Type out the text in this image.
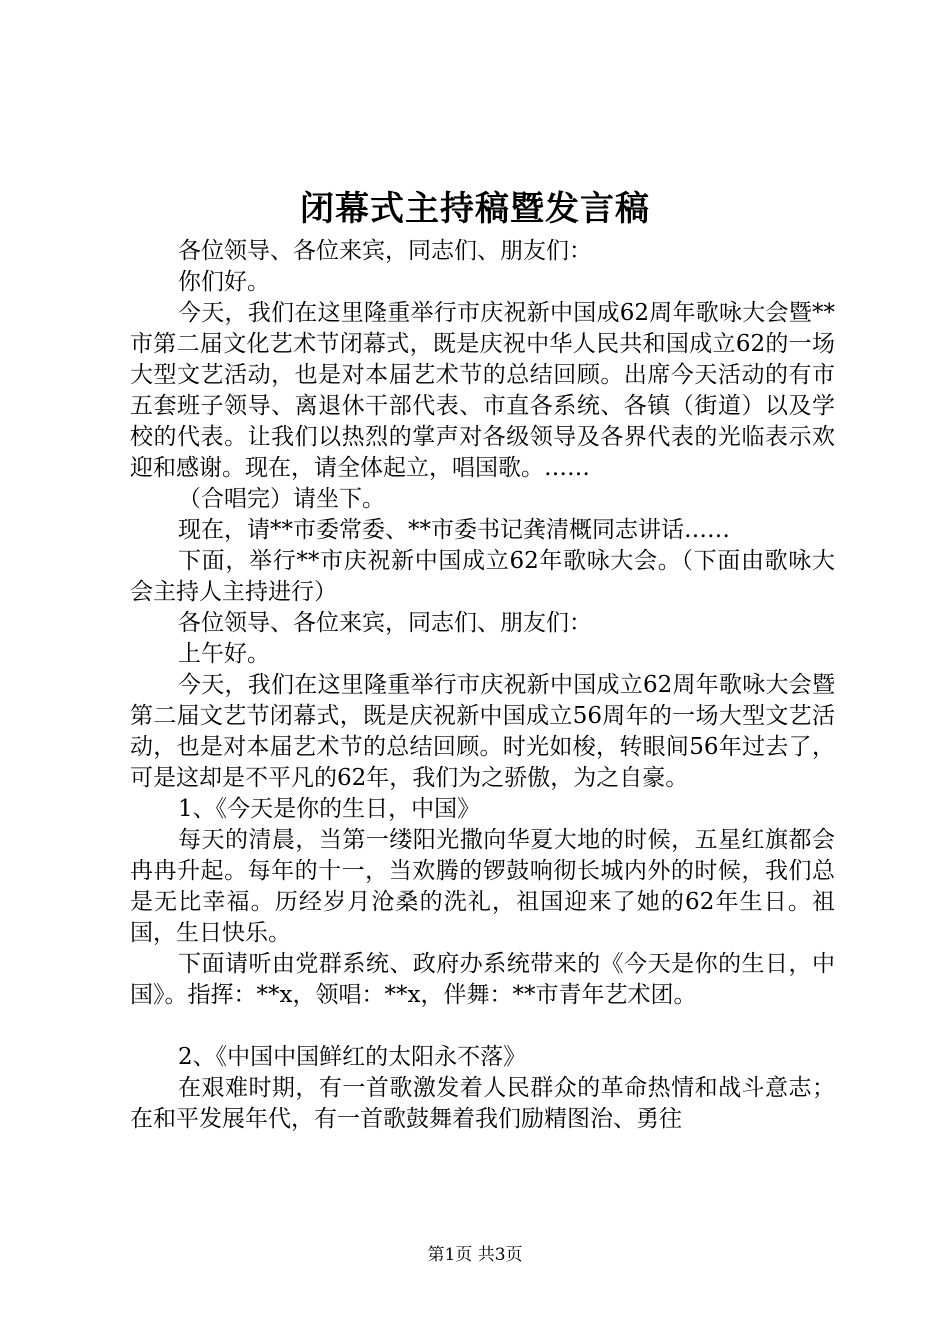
闭幕式主持稿暨发言稿

各位领导、各位来宾，同志们、朋友们：

你们好。

今天，我们在这里隆重举行市庆祝新中国成62周年歌咏大会暨**市第二届文化艺术节闭幕式，既是庆祝中华人民共和国成立62的一场大型文艺活动，也是对本届艺术节的总结回顾。出席今天活动的有市五套班子领导、离退休干部代表、市直各系统、各镇（街道）以及学校的代表。让我们以热烈的掌声对各级领导及各界代表的光临表示欢迎和感谢。现在，请全体起立，唱国歌。……

（合唱完）请坐下。

现在，请**市委常委、**市委书记龚清概同志讲话……

下面，举行**市庆祝新中国成立62年歌咏大会。（下面由歌咏大会主持人主持进行）

各位领导、各位来宾，同志们、朋友们：

上午好。

今天，我们在这里隆重举行市庆祝新中国成立62周年歌咏大会暨第二届文艺节闭幕式，既是庆祝新中国成立56周年的一场大型文艺活动，也是对本届艺术节的总结回顾。时光如梭，转眼间56年过去了，可是这却是不平凡的62年，我们为之骄傲，为之自豪。

1、《今天是你的生日，中国》

每天的清晨，当第一缕阳光撒向华夏大地的时候，五星红旗都会冉冉升起。每年的十一，当欢腾的锣鼓响彻长城内外的时候，我们总是无比幸福。历经岁月沧桑的洗礼，祖国迎来了她的62年生日。祖国，生日快乐。

下面请听由党群系统、政府办系统带来的《今天是你的生日，中国》。指挥：**x，领唱：**x，伴舞：**市青年艺术团。

2、《中国中国鲜红的太阳永不落》

在艰难时期，有一首歌激发着人民群众的革命热情和战斗意志；在和平发展年代，有一首歌鼓舞着我们励精图治、勇往

第1页 共3页
